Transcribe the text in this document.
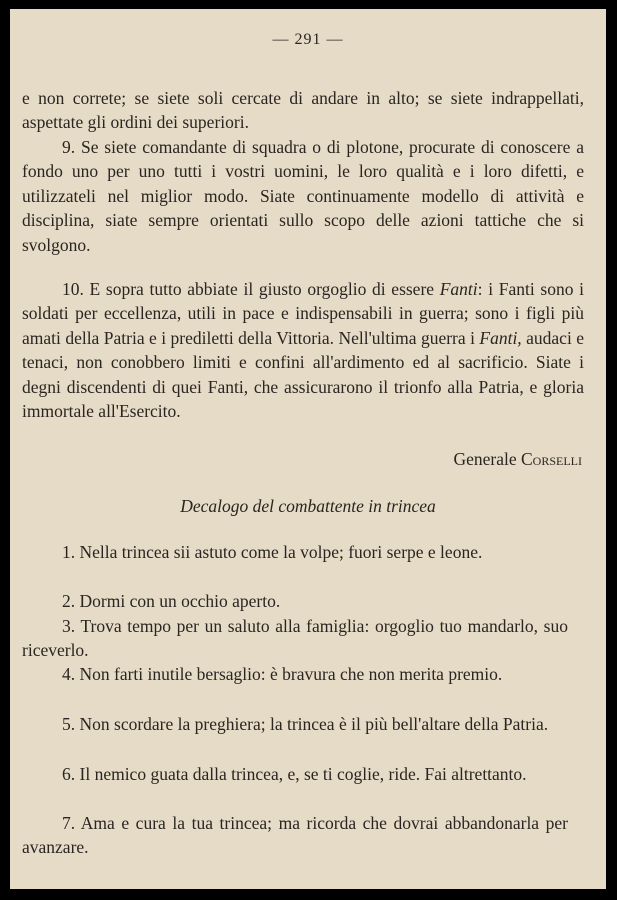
— 291 —

e non correte; se siete soli cercate di andare in alto; se siete indrappellati, aspettate gli ordini dei superiori.

9. Se siete comandante di squadra o di plotone, procurate di conoscere a fondo uno per uno tutti i vostri uomini, le loro qualità e i loro difetti, e utilizzateli nel miglior modo. Siate continuamente modello di attività e disciplina, siate sempre orientati sullo scopo delle azioni tattiche che si svolgono.

10. E sopra tutto abbiate il giusto orgoglio di essere Fanti: i Fanti sono i soldati per eccellenza, utili in pace e indispensabili in guerra; sono i figli più amati della Patria e i prediletti della Vittoria. Nell'ultima guerra i Fanti, audaci e tenaci, non conobbero limiti e confini all'ardimento ed al sacrificio. Siate i degni discendenti di quei Fanti, che assicurarono il trionfo alla Patria, e gloria immortale all'Esercito.

Generale Corselli
Decalogo del combattente in trincea

1. Nella trincea sii astuto come la volpe; fuori serpe e leone.

2. Dormi con un occhio aperto.

3. Trova tempo per un saluto alla famiglia: orgoglio tuo mandarlo, suo riceverlo.

4. Non farti inutile bersaglio: è bravura che non merita premio.

5. Non scordare la preghiera; la trincea è il più bell'altare della Patria.

6. Il nemico guata dalla trincea, e, se ti coglie, ride. Fai altrettanto.

7. Ama e cura la tua trincea; ma ricorda che dovrai abbandonarla per avanzare.
